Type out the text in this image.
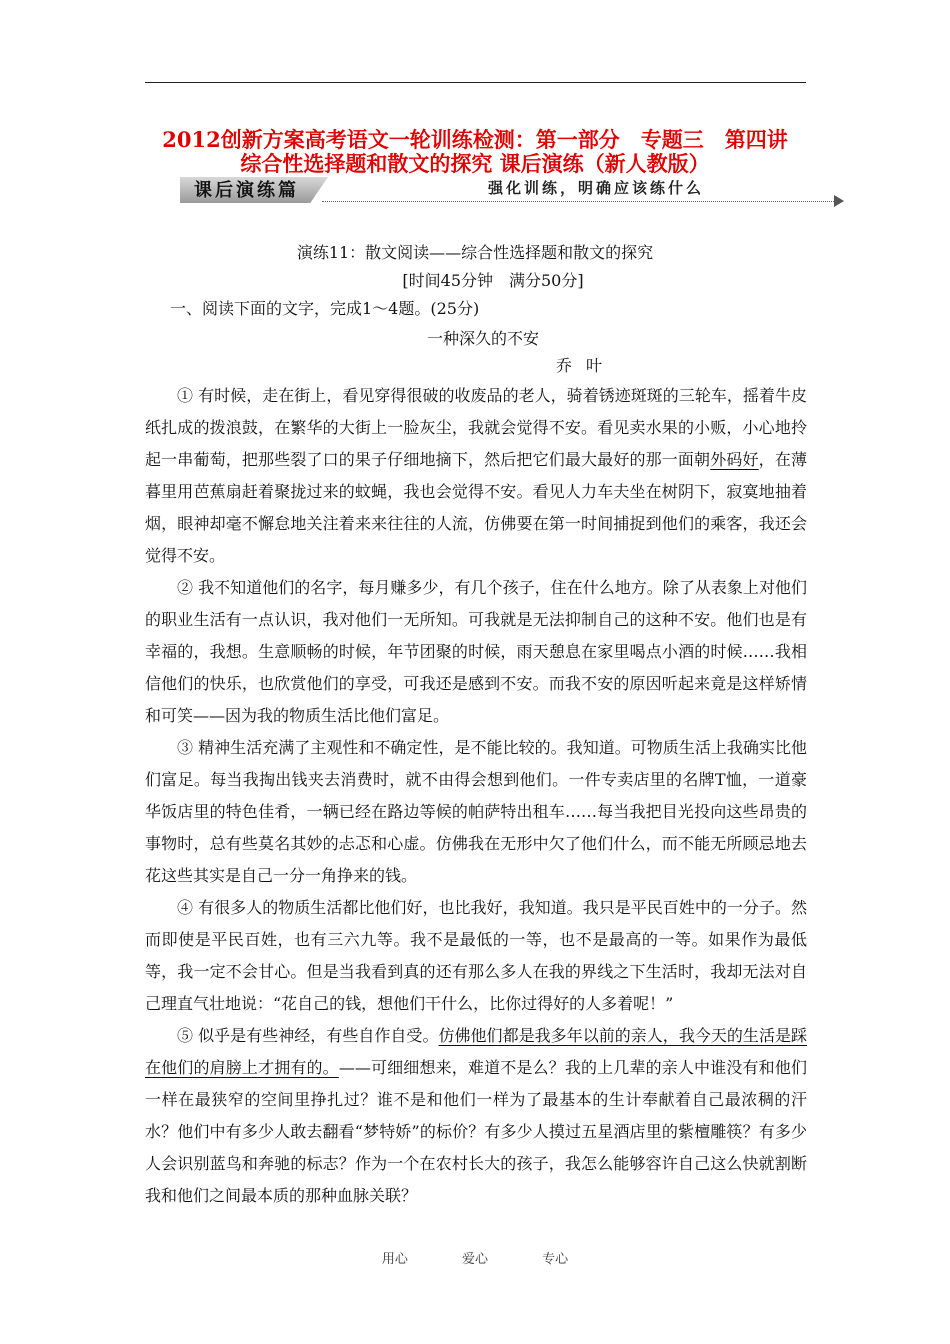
2012创新方案高考语文一轮训练检测：第一部分　专题三　第四讲
综合性选择题和散文的探究 课后演练（新人教版）
课后演练篇	强化训练，明确应该练什么
演练11：散文阅读——综合性选择题和散文的探究
[时间45分钟　满分50分]
一、阅读下面的文字，完成1～4题。(25分)
一种深久的不安
乔叶

① 有时候，走在街上，看见穿得很破的收废品的老人，骑着锈迹斑斑的三轮车，摇着牛皮纸扎成的拨浪鼓，在繁华的大街上一脸灰尘，我就会觉得不安。看见卖水果的小贩，小心地拎起一串葡萄，把那些裂了口的果子仔细地摘下，然后把它们最大最好的那一面朝外码好，在薄暮里用芭蕉扇赶着聚拢过来的蚊蝇，我也会觉得不安。看见人力车夫坐在树阴下，寂寞地抽着烟，眼神却毫不懈怠地关注着来来往往的人流，仿佛要在第一时间捕捉到他们的乘客，我还会觉得不安。

② 我不知道他们的名字，每月赚多少，有几个孩子，住在什么地方。除了从表象上对他们的职业生活有一点认识，我对他们一无所知。可我就是无法抑制自己的这种不安。他们也是有幸福的，我想。生意顺畅的时候，年节团聚的时候，雨天憩息在家里喝点小酒的时候……我相信他们的快乐，也欣赏他们的享受，可我还是感到不安。而我不安的原因听起来竟是这样矫情和可笑——因为我的物质生活比他们富足。

③ 精神生活充满了主观性和不确定性，是不能比较的。我知道。可物质生活上我确实比他们富足。每当我掏出钱夹去消费时，就不由得会想到他们。一件专卖店里的名牌T恤，一道豪华饭店里的特色佳肴，一辆已经在路边等候的帕萨特出租车……每当我把目光投向这些昂贵的事物时，总有些莫名其妙的忐忑和心虚。仿佛我在无形中欠了他们什么，而不能无所顾忌地去花这些其实是自己一分一角挣来的钱。

④ 有很多人的物质生活都比他们好，也比我好，我知道。我只是平民百姓中的一分子。然而即使是平民百姓，也有三六九等。我不是最低的一等，也不是最高的一等。如果作为最低等，我一定不会甘心。但是当我看到真的还有那么多人在我的界线之下生活时，我却无法对自己理直气壮地说：“花自己的钱，想他们干什么，比你过得好的人多着呢！”

⑤ 似乎是有些神经，有些自作自受。仿佛他们都是我多年以前的亲人，我今天的生活是踩在他们的肩膀上才拥有的。——可细细想来，难道不是么？我的上几辈的亲人中谁没有和他们一样在最狭窄的空间里挣扎过？谁不是和他们一样为了最基本的生计奉献着自己最浓稠的汗水？他们中有多少人敢去翻看“梦特娇”的标价？有多少人摸过五星酒店里的紫檀雕筷？有多少人会识别蓝鸟和奔驰的标志？作为一个在农村长大的孩子，我怎么能够容许自己这么快就割断我和他们之间最本质的那种血脉关联？

用心	爱心	专心
